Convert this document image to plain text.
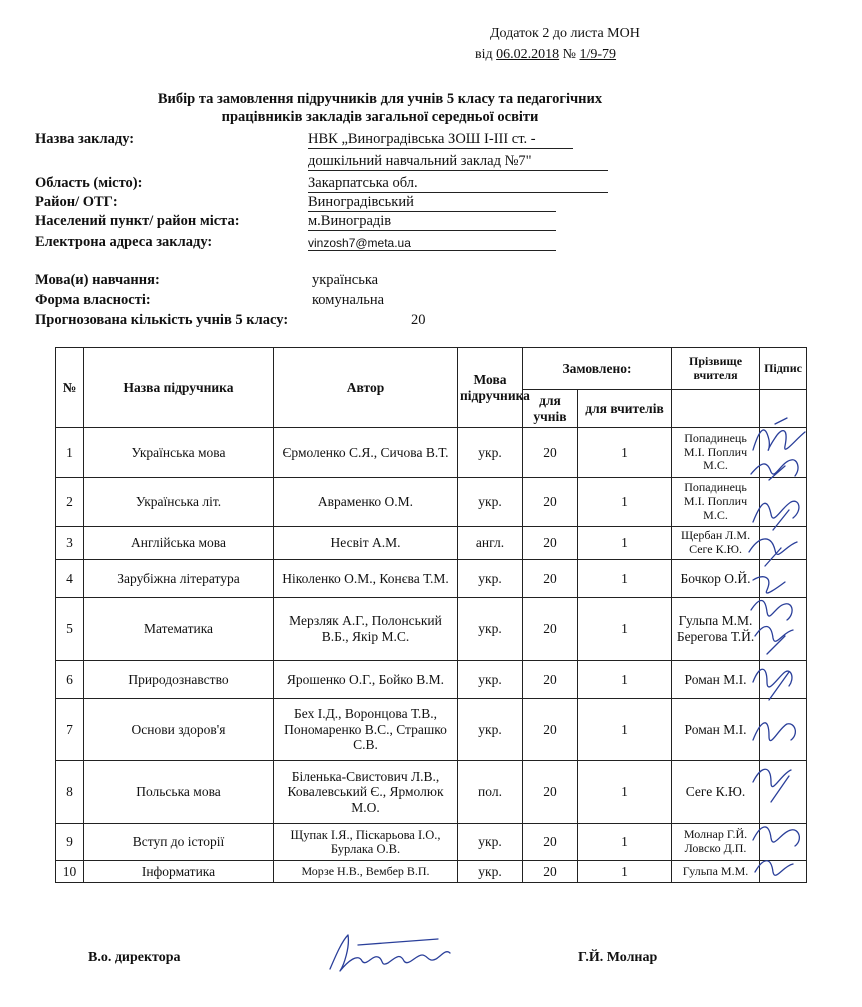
Додаток 2 до листа МОН
від 06.02.2018 № 1/9-79
Вибір та замовлення підручників для учнів 5 класу та педагогічних
працівників закладів загальної середньої освіти
Назва закладу:	НВК „Виноградівська ЗОШ І-ІІІ ст. -
дошкільний навчальний заклад №7"
Область (місто):	Закарпатська обл.
Район/ ОТГ:	Виноградівський
Населений пункт/ район міста:	м.Виноградів
Електрона адреса закладу:	vinzosh7@meta.ua
Мова(и) навчання:	українська
Форма власності:	комунальна
Прогнозована кількість учнів 5 класу:	20
№	Назва підручника	Автор	Мова підручника	Замовлено:		Прізвище вчителя	Підпис
				для учнів	для вчителів		
1	Українська мова	Єрмоленко С.Я., Сичова В.Т.	укр.	20	1	Попадинець М.І. Поплич М.С.	
2	Українська літ.	Авраменко О.М.	укр.	20	1	Попадинець М.І. Поплич М.С.	
3	Англійська мова	Несвіт А.М.	англ.	20	1	Щербан Л.М. Сеге К.Ю.	
4	Зарубіжна література	Ніколенко О.М., Конєва Т.М.	укр.	20	1	Бочкор О.Й.	
5	Математика	Мерзляк А.Г., Полонський В.Б., Якір М.С.	укр.	20	1	Гульпа М.М. Берегова Т.Й.	
6	Природознавство	Ярошенко О.Г., Бойко В.М.	укр.	20	1	Роман М.І.	
7	Основи здоров'я	Бех І.Д., Воронцова Т.В., Пономаренко В.С., Страшко С.В.	укр.	20	1	Роман М.І.	
8	Польська мова	Біленька-Свистович Л.В., Ковалевський Є., Ярмолюк М.О.	пол.	20	1	Сеге К.Ю.	
9	Вступ до історії	Щупак І.Я., Піскарьова І.О., Бурлака О.В.	укр.	20	1	Молнар Г.Й. Ловско Д.П.	
10	Інформатика	Морзе Н.В., Вембер В.П.	укр.	20	1	Гульпа М.М.	
В.о. директора	Г.Й. Молнар
